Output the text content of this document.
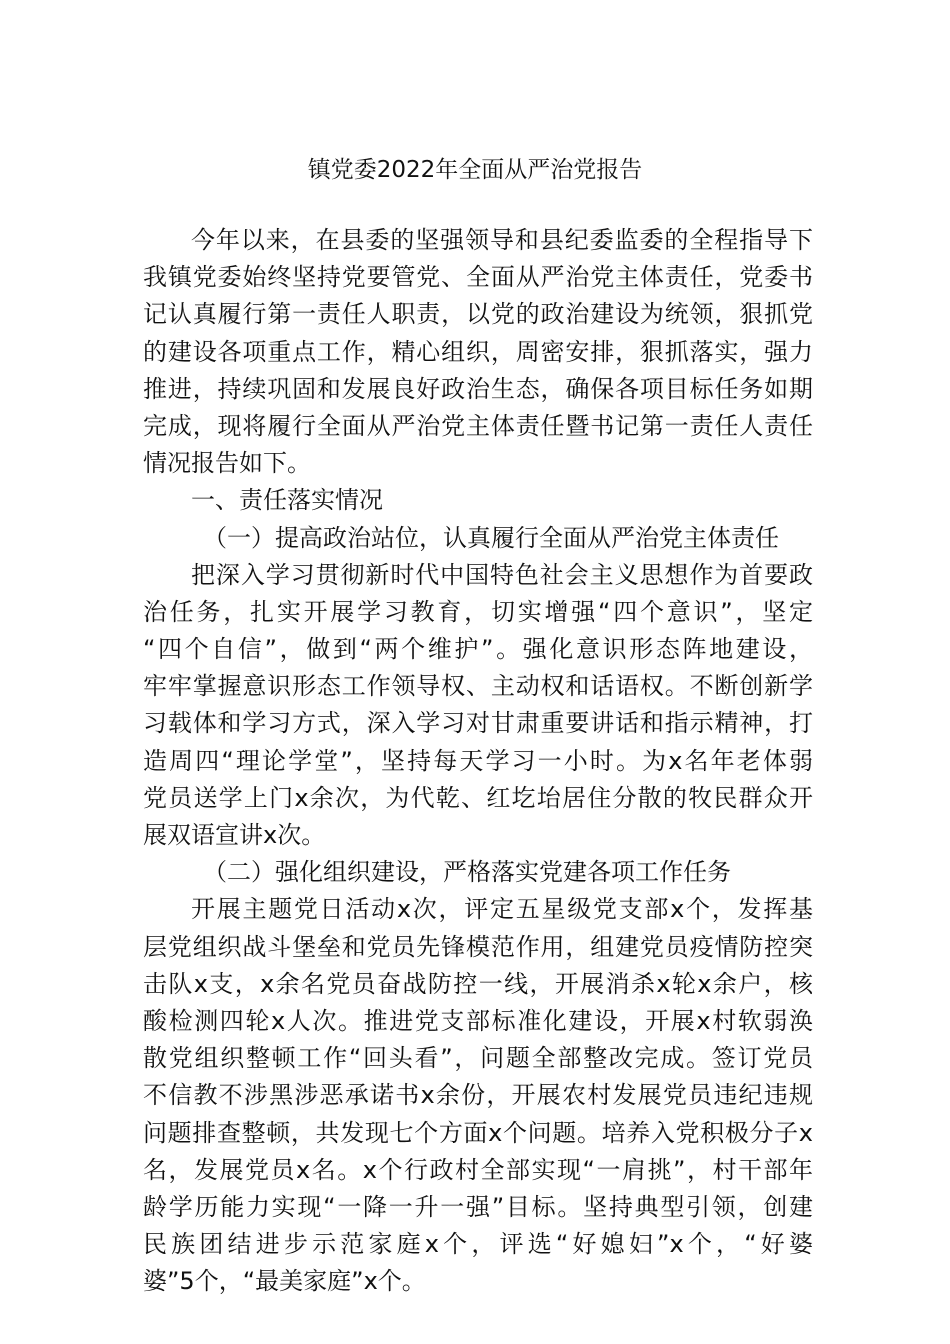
镇党委2022年全面从严治党报告
今年以来，在县委的坚强领导和县纪委监委的全程指导下
我镇党委始终坚持党要管党、全面从严治党主体责任，党委书
记认真履行第一责任人职责，以党的政治建设为统领，狠抓党
的建设各项重点工作，精心组织，周密安排，狠抓落实，强力
推进，持续巩固和发展良好政治生态，确保各项目标任务如期
完成，现将履行全面从严治党主体责任暨书记第一责任人责任
情况报告如下。
一、责任落实情况
（一）提高政治站位，认真履行全面从严治党主体责任
把深入学习贯彻新时代中国特色社会主义思想作为首要政
治任务，扎实开展学习教育，切实增强“四个意识”，坚定
“四个自信”，做到“两个维护”。强化意识形态阵地建设，
牢牢掌握意识形态工作领导权、主动权和话语权。不断创新学
习载体和学习方式，深入学习对甘肃重要讲话和指示精神，打
造周四“理论学堂”，坚持每天学习一小时。为x名年老体弱
党员送学上门x余次，为代乾、红圪坮居住分散的牧民群众开
展双语宣讲x次。
（二）强化组织建设，严格落实党建各项工作任务
开展主题党日活动x次，评定五星级党支部x个，发挥基
层党组织战斗堡垒和党员先锋模范作用，组建党员疫情防控突
击队x支，x余名党员奋战防控一线，开展消杀x轮x余户，核
酸检测四轮x人次。推进党支部标准化建设，开展x村软弱涣
散党组织整顿工作“回头看”，问题全部整改完成。签订党员
不信教不涉黑涉恶承诺书x余份，开展农村发展党员违纪违规
问题排查整顿，共发现七个方面x个问题。培养入党积极分子x
名，发展党员x名。x个行政村全部实现“一肩挑”，村干部年
龄学历能力实现“一降一升一强”目标。坚持典型引领，创建
民族团结进步示范家庭x个，评选“好媳妇”x个，“好婆
婆”5个，“最美家庭”x个。
